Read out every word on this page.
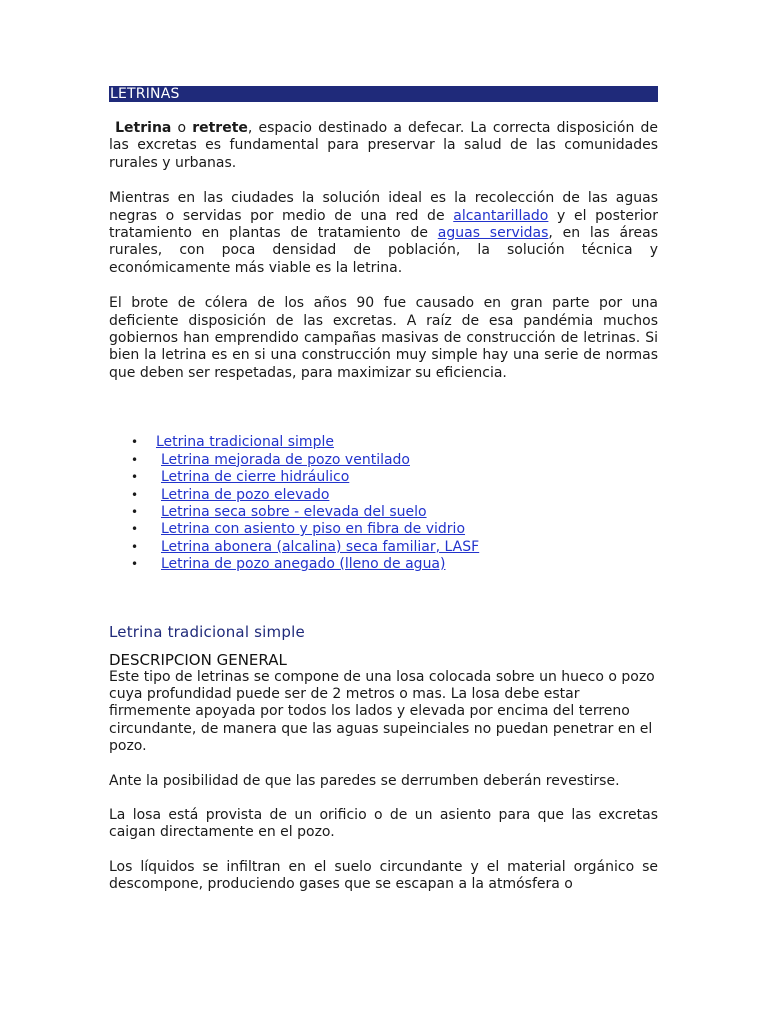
LETRINAS

Letrina o retrete, espacio destinado a defecar. La correcta disposición de las excretas es fundamental para preservar la salud de las comunidades rurales y urbanas.

Mientras en las ciudades la solución ideal es la recolección de las aguas negras o servidas por medio de una red de alcantarillado y el posterior tratamiento en plantas de tratamiento de aguas servidas, en las áreas rurales, con poca densidad de población, la solución técnica y económicamente más viable es la letrina.

El brote de cólera de los años 90 fue causado en gran parte por una deficiente disposición de las excretas. A raíz de esa pandémia muchos gobiernos han emprendido campañas masivas de construcción de letrinas. Si bien la letrina es en si una construcción muy simple hay una serie de normas que deben ser respetadas, para maximizar su eficiencia.

• Letrina tradicional simple
• Letrina mejorada de pozo ventilado
• Letrina de cierre hidráulico
• Letrina de pozo elevado
• Letrina seca sobre - elevada del suelo
• Letrina con asiento y piso en fibra de vidrio
• Letrina abonera (alcalina) seca familiar, LASF
• Letrina de pozo anegado (lleno de agua)
Letrina tradicional simple
DESCRIPCION GENERAL

Este tipo de letrinas se compone de una losa colocada sobre un hueco o pozo cuya profundidad puede ser de 2 metros o mas. La losa debe estar firmemente apoyada por todos los lados y elevada por encima del terreno circundante, de manera que las aguas supeinciales no puedan penetrar en el pozo.

Ante la posibilidad de que las paredes se derrumben deberán revestirse.

La losa está provista de un orificio o de un asiento para que las excretas caigan directamente en el pozo.

Los líquidos se infiltran en el suelo circundante y el material orgánico se descompone, produciendo gases que se escapan a la atmósfera o
